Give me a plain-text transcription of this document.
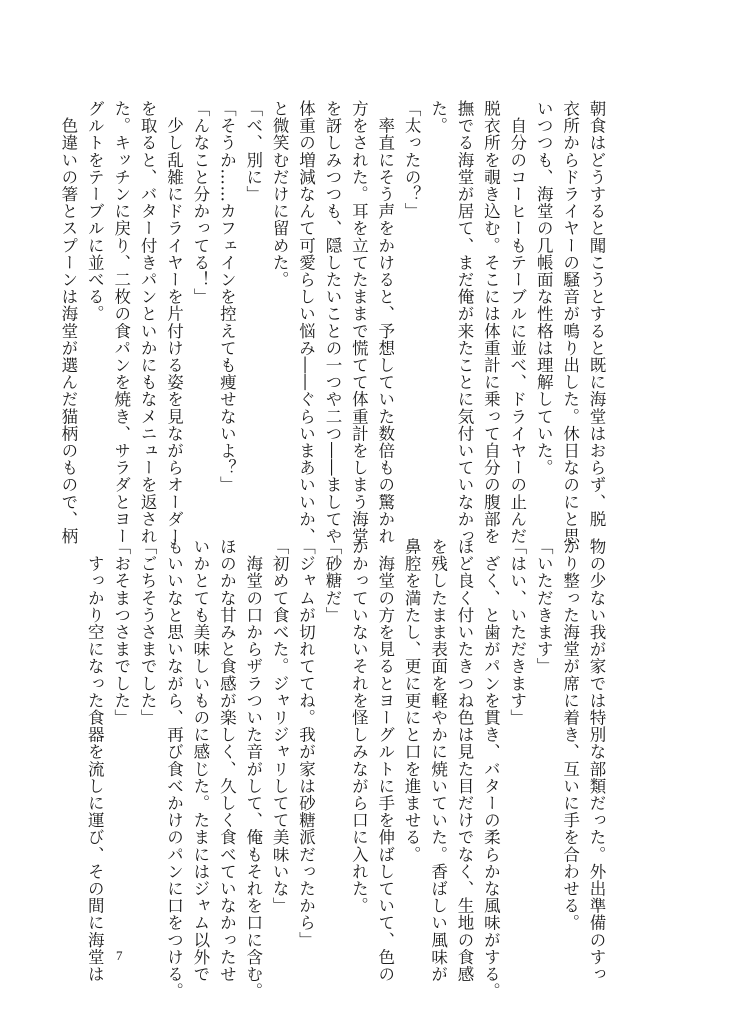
朝食はどうすると聞こうとすると既に海堂はおらず、脱
衣所からドライヤーの騒音が鳴り出した。休日なのにと思
いつつも、海堂の几帳面な性格は理解していた。
　自分のコーヒーもテーブルに並べ、ドライヤーの止んだ
脱衣所を覗き込む。そこには体重計に乗って自分の腹部を
撫でる海堂が居て、まだ俺が来たことに気付いていなかっ
た。
「太ったの？」
　率直にそう声をかけると、予想していた数倍もの驚かれ
方をされた。耳を立てたままで慌てて体重計をしまう海堂
を訝しみつつも、隠したいことの一つや二つ――ましてや
体重の増減なんて可愛らしい悩み――ぐらいまあいいか、
と微笑むだけに留めた。
「べ、別に」
「そうか……カフェインを控えても痩せないよ？」
「んなこと分かってる！」
　少し乱雑にドライヤーを片付ける姿を見ながらオーダー
を取ると、バター付きパンといかにもなメニューを返され
た。キッチンに戻り、二枚の食パンを焼き、サラダとヨー
グルトをテーブルに並べる。
　色違いの箸とスプーンは海堂が選んだ猫柄のもので、柄
物の少ない我が家では特別な部類だった。外出準備のすっ
かり整った海堂が席に着き、互いに手を合わせる。
「いただきます」
「はい、いただきます」
　ざく、と歯がパンを貫き、バターの柔らかな風味がする。
ほど良く付いたきつね色は見た目だけでなく、生地の食感
を残したまま表面を軽やかに焼いていた。香ばしい風味が
鼻腔を満たし、更に更にと口を進ませる。
　海堂の方を見るとヨーグルトに手を伸ばしていて、色の
かかっていないそれを怪しみながら口に入れた。
「砂糖だ」
「ジャムが切れててね。我が家は砂糖派だったから」
「初めて食べた。ジャリジャリしてて美味いな」
　海堂の口からザラついた音がして、俺もそれを口に含む。
ほのかな甘みと食感が楽しく、久しく食べていなかったせ
いかとても美味しいものに感じた。たまにはジャム以外で
もいいなと思いながら、再び食べかけのパンに口をつける。
「ごちそうさまでした」
「おそまつさまでした」
　すっかり空になった食器を流しに運び、その間に海堂は 7
